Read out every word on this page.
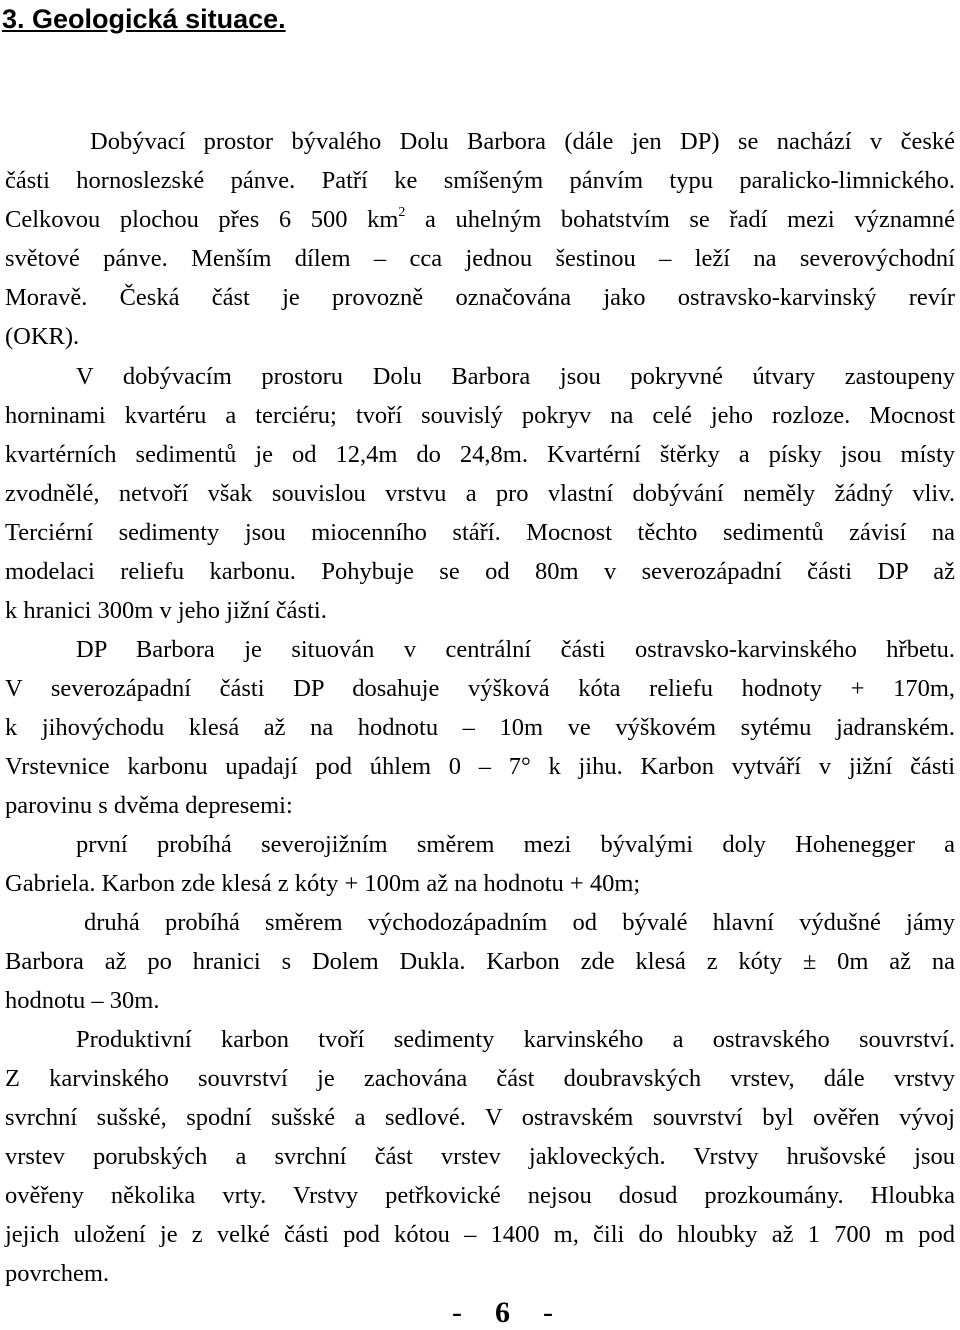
3. Geologická situace.
Dobývací prostor bývalého Dolu Barbora (dále jen DP) se nachází v české
části hornoslezské pánve. Patří ke smíšeným pánvím typu paralicko-limnického.
Celkovou plochou přes 6 500 $km^2$ a uhelným bohatstvím se řadí mezi významné
světové pánve. Menším dílem – cca jednou šestinou – leží na severovýchodní
Moravě. Česká část je provozně označována jako ostravsko-karvinský revír
(OKR).
V dobývacím prostoru Dolu Barbora jsou pokryvné útvary zastoupeny
horninami kvartéru a terciéru; tvoří souvislý pokryv na celé jeho rozloze. Mocnost
kvartérních sedimentů je od 12,4m do 24,8m. Kvartérní štěrky a písky jsou místy
zvodnělé, netvoří však souvislou vrstvu a pro vlastní dobývání neměly žádný vliv.
Terciérní sedimenty jsou miocenního stáří. Mocnost těchto sedimentů závisí na
modelaci reliefu karbonu. Pohybuje se od 80m v severozápadní části DP až
k hranici 300m v jeho jižní části.
DP Barbora je situován v centrální části ostravsko-karvinského hřbetu.
V severozápadní části DP dosahuje výšková kóta reliefu hodnoty + 170m,
k jihovýchodu klesá až na hodnotu – 10m ve výškovém sytému jadranském.
Vrstevnice karbonu upadají pod úhlem 0 – 7° k jihu. Karbon vytváří v jižní části
parovinu s dvěma depresemi:
první probíhá severojižním směrem mezi bývalými doly Hohenegger a
Gabriela. Karbon zde klesá z kóty + 100m až na hodnotu + 40m;
druhá probíhá směrem východozápadním od bývalé hlavní výdušné jámy
Barbora až po hranici s Dolem Dukla. Karbon zde klesá z kóty ± 0m až na
hodnotu – 30m.
Produktivní karbon tvoří sedimenty karvinského a ostravského souvrství.
Z karvinského souvrství je zachována část doubravských vrstev, dále vrstvy
svrchní sušské, spodní sušské a sedlové. V ostravském souvrství byl ověřen vývoj
vrstev porubských a svrchní část vrstev jakloveckých. Vrstvy hrušovské jsou
ověřeny několika vrty. Vrstvy petřkovické nejsou dosud prozkoumány. Hloubka
jejich uložení je z velké části pod kótou – 1400 m, čili do hloubky až 1 700 m pod
povrchem.
- 6 -
